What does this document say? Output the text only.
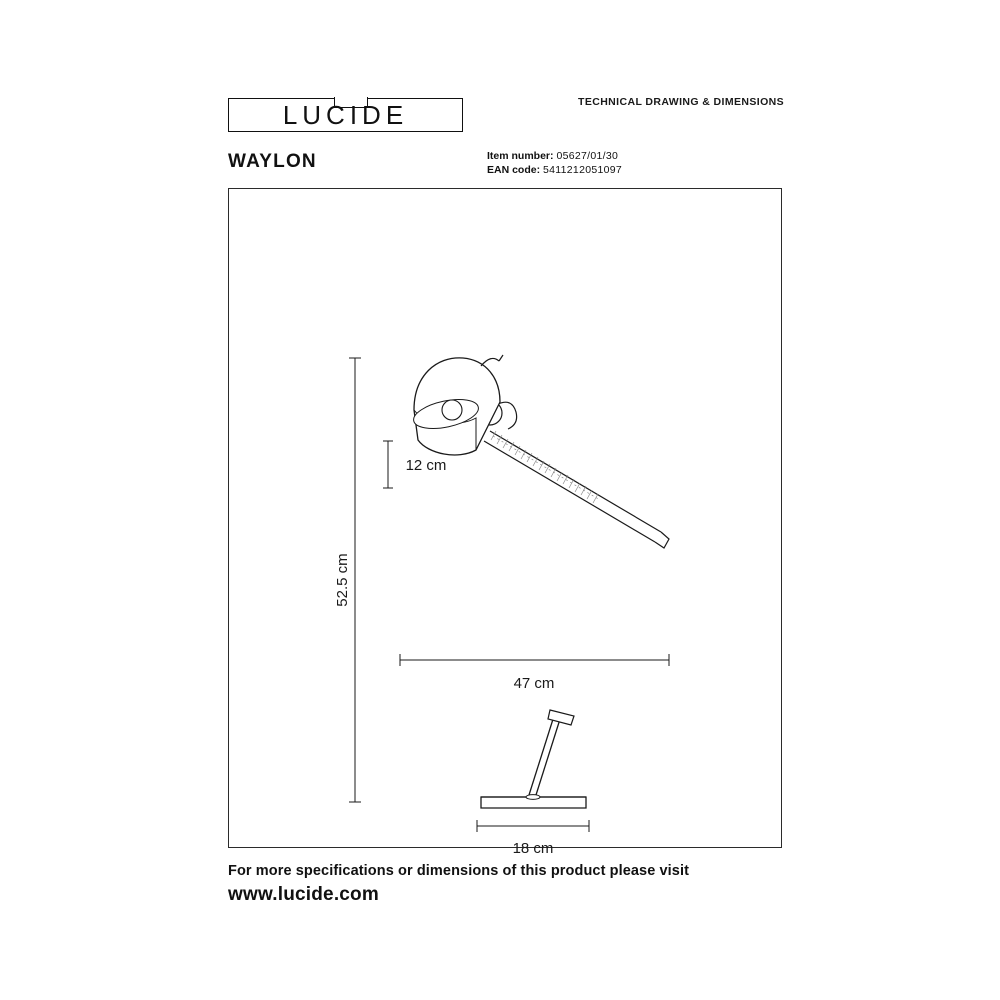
LUCIDE	TECHNICAL DRAWING & DIMENSIONS
WAYLON	Item number: 05627/01/30
EAN code: 5411212051097
52.5 cm
12 cm
18 cm
47 cm
For more specifications or dimensions of this product please visit
www.lucide.com
